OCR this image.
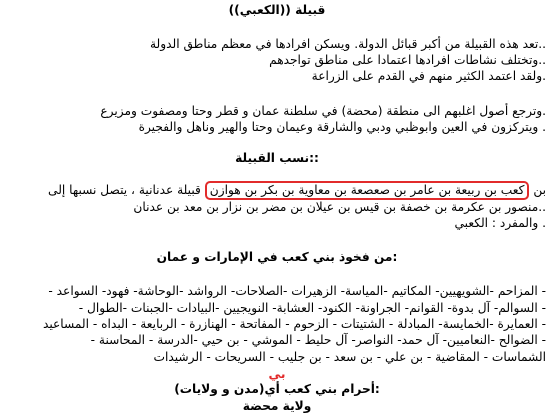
قبيلة ((الكعبي))
..تعد هذه القبيلة من أكبر قبائل الدولة. ويسكن افرادها في معظم مناطق الدولة
..وتختلف نشاطات افرادها اعتمادا على مناطق تواجدهم
.ولقد اعتمد الكثير منهم في القدم على الزراعة
.وترجع أصول اغلبهم الى منطقة (محضة) في سلطنة عمان و قطر وحتا ومصفوت ومزيرع
. ويتركزون في العين وابوظبي ودبي والشارقة وعيمان وحتا والهير وناهل والفجيرة
::نسب القبيلة
قبيلة عدنانية ، يتصل نسبها إلى كعب بن ربيعة بن عامر بن صعصعة بن معاوية بن بكر بن هوازن بن
..منصور بن عكرمة بن خصفة بن قيس بن عيلان بن مضر بن نزار بن معد بن عدنان
. والمفرد : الكعبي
:من فخوذ بني كعب في الإمارات و عمان
- المزاحم -الشويهيين- المكاتيم -المياسة- الزهيرات -الصلاحات- الرواشد -الوحاشة- فهود- السواعد -
- السوالم- آل بدوة- القوانم- الجراونة- الكنود- العشابة- النويجيين -البيادات -الجبنات -الطوال -
- العمايرة -الخمايسة- المبادلة - الشتيتات - الزحوم - المفاتحة - الهنازرة - الربايعة - البداه - المساعيد
- الضوالح -النعاميين- آل حمد- النواصر- آل حليط - الموشي - بن حيي -الدرسة - المحاسنة -
الشماسات - المقاضية - بن علي - بن سعد - بن جليب - السريحات - الرشيدات
بي
:أحرام بني كعب أي(مدن و ولايات)
ولاية محضة
